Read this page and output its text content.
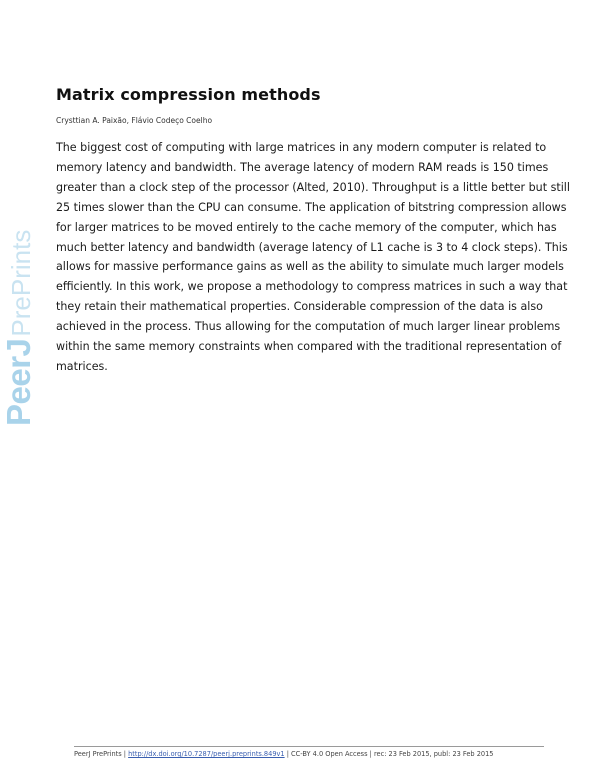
PeerJPrePrints
Matrix compression methods
Crysttian A. Paixão, Flávio Codeço Coelho

The biggest cost of computing with large matrices in any modern computer is related to memory latency and bandwidth. The average latency of modern RAM reads is 150 times greater than a clock step of the processor (Alted, 2010). Throughput is a little better but still 25 times slower than the CPU can consume. The application of bitstring compression allows for larger matrices to be moved entirely to the cache memory of the computer, which has much better latency and bandwidth (average latency of L1 cache is 3 to 4 clock steps). This allows for massive performance gains as well as the ability to simulate much larger models efficiently. In this work, we propose a methodology to compress matrices in such a way that they retain their mathematical properties. Considerable compression of the data is also achieved in the process. Thus allowing for the computation of much larger linear problems within the same memory constraints when compared with the traditional representation of matrices.

PeerJ PrePrints | http://dx.doi.org/10.7287/peerj.preprints.849v1 | CC-BY 4.0 Open Access | rec: 23 Feb 2015, publ: 23 Feb 2015
